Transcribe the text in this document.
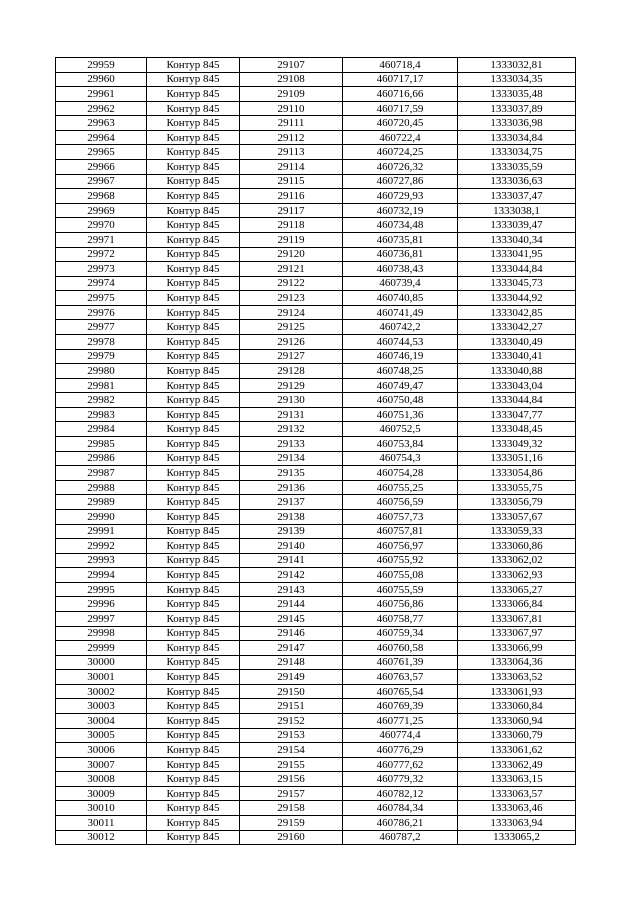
29959	Контур 845	29107	460718,4	1333032,81
29960	Контур 845	29108	460717,17	1333034,35
29961	Контур 845	29109	460716,66	1333035,48
29962	Контур 845	29110	460717,59	1333037,89
29963	Контур 845	29111	460720,45	1333036,98
29964	Контур 845	29112	460722,4	1333034,84
29965	Контур 845	29113	460724,25	1333034,75
29966	Контур 845	29114	460726,32	1333035,59
29967	Контур 845	29115	460727,86	1333036,63
29968	Контур 845	29116	460729,93	1333037,47
29969	Контур 845	29117	460732,19	1333038,1
29970	Контур 845	29118	460734,48	1333039,47
29971	Контур 845	29119	460735,81	1333040,34
29972	Контур 845	29120	460736,81	1333041,95
29973	Контур 845	29121	460738,43	1333044,84
29974	Контур 845	29122	460739,4	1333045,73
29975	Контур 845	29123	460740,85	1333044,92
29976	Контур 845	29124	460741,49	1333042,85
29977	Контур 845	29125	460742,2	1333042,27
29978	Контур 845	29126	460744,53	1333040,49
29979	Контур 845	29127	460746,19	1333040,41
29980	Контур 845	29128	460748,25	1333040,88
29981	Контур 845	29129	460749,47	1333043,04
29982	Контур 845	29130	460750,48	1333044,84
29983	Контур 845	29131	460751,36	1333047,77
29984	Контур 845	29132	460752,5	1333048,45
29985	Контур 845	29133	460753,84	1333049,32
29986	Контур 845	29134	460754,3	1333051,16
29987	Контур 845	29135	460754,28	1333054,86
29988	Контур 845	29136	460755,25	1333055,75
29989	Контур 845	29137	460756,59	1333056,79
29990	Контур 845	29138	460757,73	1333057,67
29991	Контур 845	29139	460757,81	1333059,33
29992	Контур 845	29140	460756,97	1333060,86
29993	Контур 845	29141	460755,92	1333062,02
29994	Контур 845	29142	460755,08	1333062,93
29995	Контур 845	29143	460755,59	1333065,27
29996	Контур 845	29144	460756,86	1333066,84
29997	Контур 845	29145	460758,77	1333067,81
29998	Контур 845	29146	460759,34	1333067,97
29999	Контур 845	29147	460760,58	1333066,99
30000	Контур 845	29148	460761,39	1333064,36
30001	Контур 845	29149	460763,57	1333063,52
30002	Контур 845	29150	460765,54	1333061,93
30003	Контур 845	29151	460769,39	1333060,84
30004	Контур 845	29152	460771,25	1333060,94
30005	Контур 845	29153	460774,4	1333060,79
30006	Контур 845	29154	460776,29	1333061,62
30007	Контур 845	29155	460777,62	1333062,49
30008	Контур 845	29156	460779,32	1333063,15
30009	Контур 845	29157	460782,12	1333063,57
30010	Контур 845	29158	460784,34	1333063,46
30011	Контур 845	29159	460786,21	1333063,94
30012	Контур 845	29160	460787,2	1333065,2
